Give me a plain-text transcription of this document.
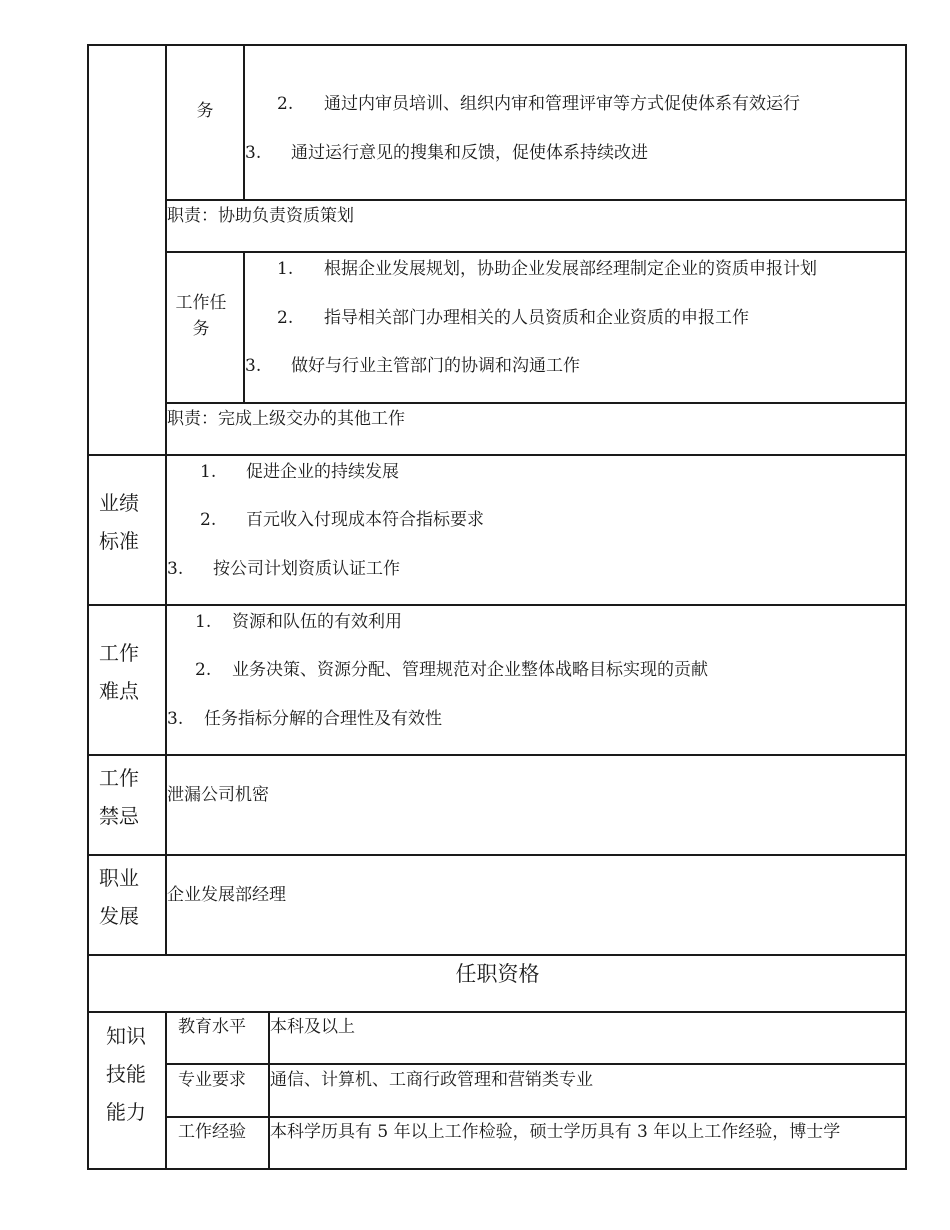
务	2. 通过内审员培训、组织内审和管理评审等方式促使体系有效运行
3. 通过运行意见的搜集和反馈，促使体系持续改进
职责：协助负责资质策划
工作任务
1. 根据企业发展规划，协助企业发展部经理制定企业的资质申报计划
2. 指导相关部门办理相关的人员资质和企业资质的申报工作
3. 做好与行业主管部门的协调和沟通工作
职责：完成上级交办的其他工作
业绩标准
1. 促进企业的持续发展
2. 百元收入付现成本符合指标要求
3. 按公司计划资质认证工作
工作难点
1. 资源和队伍的有效利用
2. 业务决策、资源分配、管理规范对企业整体战略目标实现的贡献
3. 任务指标分解的合理性及有效性
工作禁忌
泄漏公司机密
职业发展
企业发展部经理
任职资格
知识技能能力
教育水平 本科及以上
专业要求 通信、计算机、工商行政管理和营销类专业
工作经验 本科学历具有 5 年以上工作检验，硕士学历具有 3 年以上工作经验，博士学
